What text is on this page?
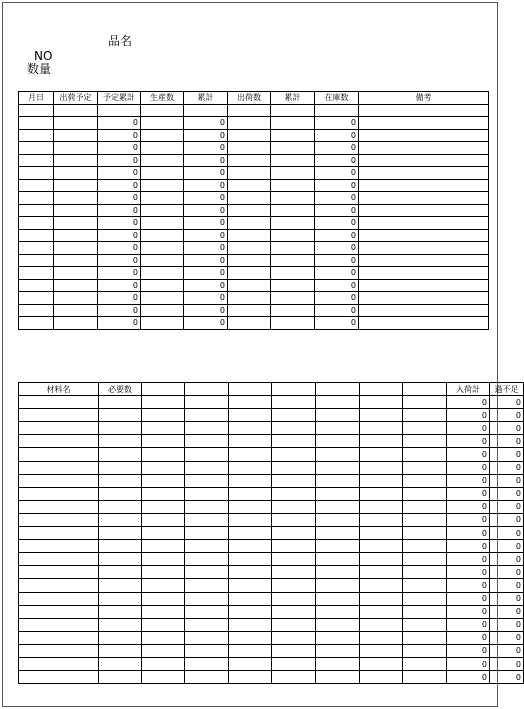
品名
NO
数量
月日	出荷予定	予定累計	生産数	累計	出荷数	累計	在庫数	備考

		0		0			0	
		0		0			0	
		0		0			0	
		0		0			0	
		0		0			0	
		0		0			0	
		0		0			0	
		0		0			0	
		0		0			0	
		0		0			0	
		0		0			0	
		0		0			0	
		0		0			0	
		0		0			0	
		0		0			0	
		0		0			0	
		0		0			0	
材料名	必要数								入荷計	過不足
									0	0
									0	0
									0	0
									0	0
									0	0
									0	0
									0	0
									0	0
									0	0
									0	0
									0	0
									0	0
									0	0
									0	0
									0	0
									0	0
									0	0
									0	0
									0	0
									0	0
									0	0
									0	0
